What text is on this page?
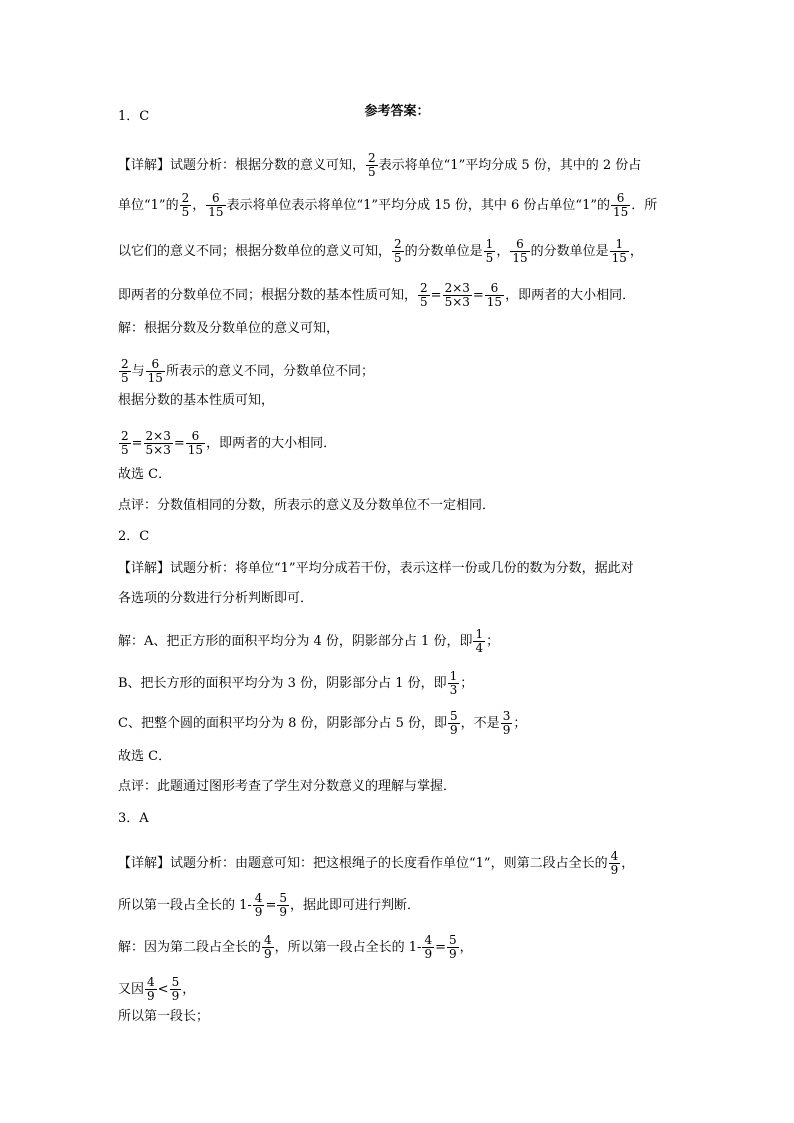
参考答案：
1．C
【详解】试题分析：根据分数的意义可知， $\frac{2}{5}$ 表示将单位“1”平均分成 5 份，其中的 2 份占
单位“1”的 $\frac{2}{5}$ ， $\frac{6}{15}$ 表示将单位表示将单位“1”平均分成 15 份，其中 6 份占单位“1”的 $\frac{6}{15}$ ．所
以它们的意义不同；根据分数单位的意义可知， $\frac{2}{5}$ 的分数单位是 $\frac{1}{5}$ ， $\frac{6}{15}$ 的分数单位是 $\frac{1}{15}$ ，
即两者的分数单位不同；根据分数的基本性质可知， $\frac{2}{5} = \frac{2\times 3}{5\times 3} = \frac{6}{15}$ ，即两者的大小相同．
解：根据分数及分数单位的意义可知，
$\frac{2}{5}$ 与 $\frac{6}{15}$ 所表示的意义不同，分数单位不同；
根据分数的基本性质可知，
$\frac{2}{5} = \frac{2\times 3}{5\times 3} = \frac{6}{15}$ ，即两者的大小相同．
故选 C．
点评：分数值相同的分数，所表示的意义及分数单位不一定相同．
2．C
【详解】试题分析：将单位“1”平均分成若干份，表示这样一份或几份的数为分数，据此对
各选项的分数进行分析判断即可．
解：A、把正方形的面积平均分为 4 份，阴影部分占 1 份，即 $\frac{1}{4}$ ；
B、把长方形的面积平均分为 3 份，阴影部分占 1 份，即 $\frac{1}{3}$ ；
C、把整个圆的面积平均分为 8 份，阴影部分占 5 份，即 $\frac{5}{9}$ ，不是 $\frac{3}{9}$ ；
故选 C．
点评：此题通过图形考查了学生对分数意义的理解与掌握．
3．A
【详解】试题分析：由题意可知：把这根绳子的长度看作单位“1”，则第二段占全长的 $\frac{4}{9}$ ，
所以第一段占全长的 $1- \frac{4}{9} = \frac{5}{9}$ ，据此即可进行判断．
解：因为第二段占全长的 $\frac{4}{9}$ ，所以第一段占全长的 $1- \frac{4}{9} = \frac{5}{9}$ ，
又因 $\frac{4}{9} < \frac{5}{9}$ ，
所以第一段长；
